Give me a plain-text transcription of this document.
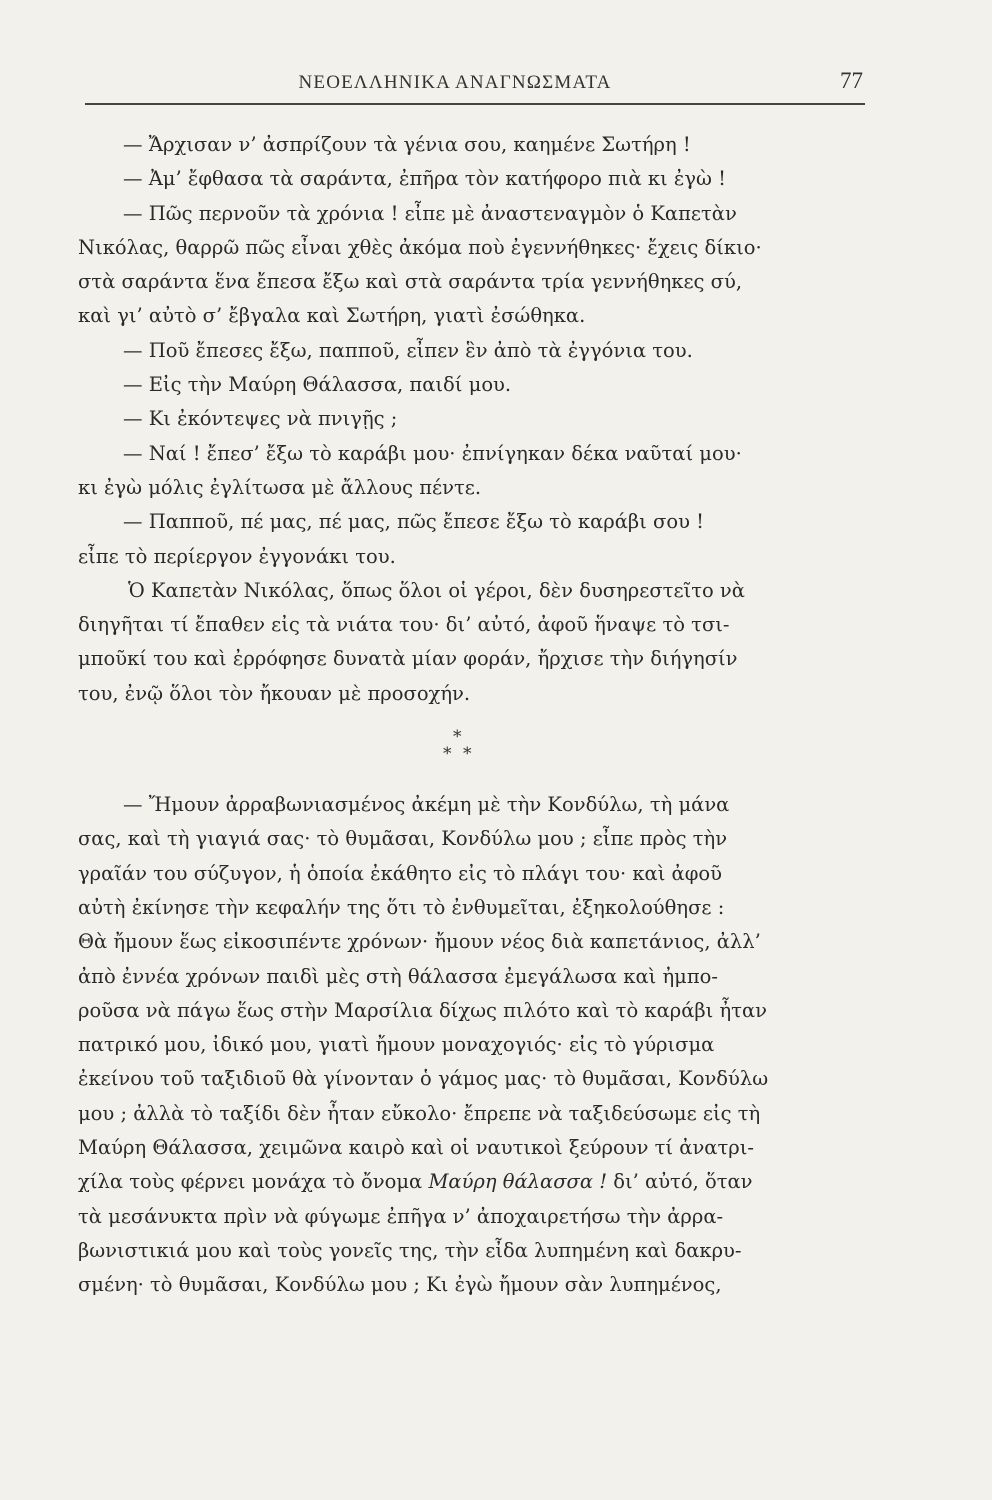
ΝΕΟΕΛΛΗΝΙΚΑ ΑΝΑΓΝΩΣΜΑΤΑ	77
— Ἄρχισαν ν’ ἀσπρίζουν τὰ γένια σου, καημένε Σωτήρη !
— Ἀμ’ ἔφθασα τὰ σαράντα, ἐπῆρα τὸν κατήφορο πιὰ κι ἐγὼ !
— Πῶς περνοῦν τὰ χρόνια ! εἶπε μὲ ἀναστεναγμὸν ὁ Καπετὰν
Νικόλας, θαρρῶ πῶς εἶναι χθὲς ἀκόμα ποὺ ἐγεννήθηκες· ἔχεις δίκιο·
στὰ σαράντα ἕνα ἔπεσα ἔξω καὶ στὰ σαράντα τρία γεννήθηκες σύ,
καὶ γι’ αὐτὸ σ’ ἔβγαλα καὶ Σωτήρη, γιατὶ ἐσώθηκα.
— Ποῦ ἔπεσες ἔξω, παπποῦ, εἶπεν ἓν ἀπὸ τὰ ἐγγόνια του.
— Εἰς τὴν Μαύρη Θάλασσα, παιδί μου.
— Κι ἐκόντεψες νὰ πνιγῇς ;
— Ναί ! ἔπεσ’ ἔξω τὸ καράβι μου· ἐπνίγηκαν δέκα ναῦταί μου·
κι ἐγὼ μόλις ἐγλίτωσα μὲ ἄλλους πέντε.
— Παπποῦ, πέ μας, πέ μας, πῶς ἔπεσε ἔξω τὸ καράβι σου !
εἶπε τὸ περίεργον ἐγγονάκι του.
Ὁ Καπετὰν Νικόλας, ὅπως ὅλοι οἱ γέροι, δὲν δυσηρεστεῖτο νὰ
διηγῆται τί ἔπαθεν εἰς τὰ νιάτα του· δι’ αὐτό, ἀφοῦ ἥναψε τὸ τσι-
μποῦκί του καὶ ἐρρόφησε δυνατὰ μίαν φοράν, ἤρχισε τὴν διήγησίν
του, ἐνῷ ὅλοι τὸν ἤκουαν μὲ προσοχήν.
*
* *
— Ἤμουν ἀρραβωνιασμένος ἀκέμη μὲ τὴν Κονδύλω, τὴ μάνα
σας, καὶ τὴ γιαγιά σας· τὸ θυμᾶσαι, Κονδύλω μου ; εἶπε πρὸς τὴν
γραῖάν του σύζυγον, ἡ ὁποία ἐκάθητο εἰς τὸ πλάγι του· καὶ ἀφοῦ
αὐτὴ ἐκίνησε τὴν κεφαλήν της ὅτι τὸ ἐνθυμεῖται, ἐξηκολούθησε :
Θὰ ἤμουν ἕως εἰκοσιπέντε χρόνων· ἤμουν νέος διὰ καπετάνιος, ἀλλ’
ἀπὸ ἐννέα χρόνων παιδὶ μὲς στὴ θάλασσα ἐμεγάλωσα καὶ ἠμπο-
ροῦσα νὰ πάγω ἕως στὴν Μαρσίλια δίχως πιλότο καὶ τὸ καράβι ἦταν
πατρικό μου, ἰδικό μου, γιατὶ ἤμουν μοναχογιός· εἰς τὸ γύρισμα
ἐκείνου τοῦ ταξιδιοῦ θὰ γίνονταν ὁ γάμος μας· τὸ θυμᾶσαι, Κονδύλω
μου ; ἀλλὰ τὸ ταξίδι δὲν ἦταν εὔκολο· ἔπρεπε νὰ ταξιδεύσωμε εἰς τὴ
Μαύρη Θάλασσα, χειμῶνα καιρὸ καὶ οἱ ναυτικοὶ ξεύρουν τί ἀνατρι-
χίλα τοὺς φέρνει μονάχα τὸ ὄνομα Μαύρη θάλασσα ! δι’ αὐτό, ὅταν
τὰ μεσάνυκτα πρὶν νὰ φύγωμε ἐπῆγα ν’ ἀποχαιρετήσω τὴν ἀρρα-
βωνιστικιά μου καὶ τοὺς γονεῖς της, τὴν εἶδα λυπημένη καὶ δακρυ-
σμένη· τὸ θυμᾶσαι, Κονδύλω μου ; Κι ἐγὼ ἤμουν σὰν λυπημένος,
